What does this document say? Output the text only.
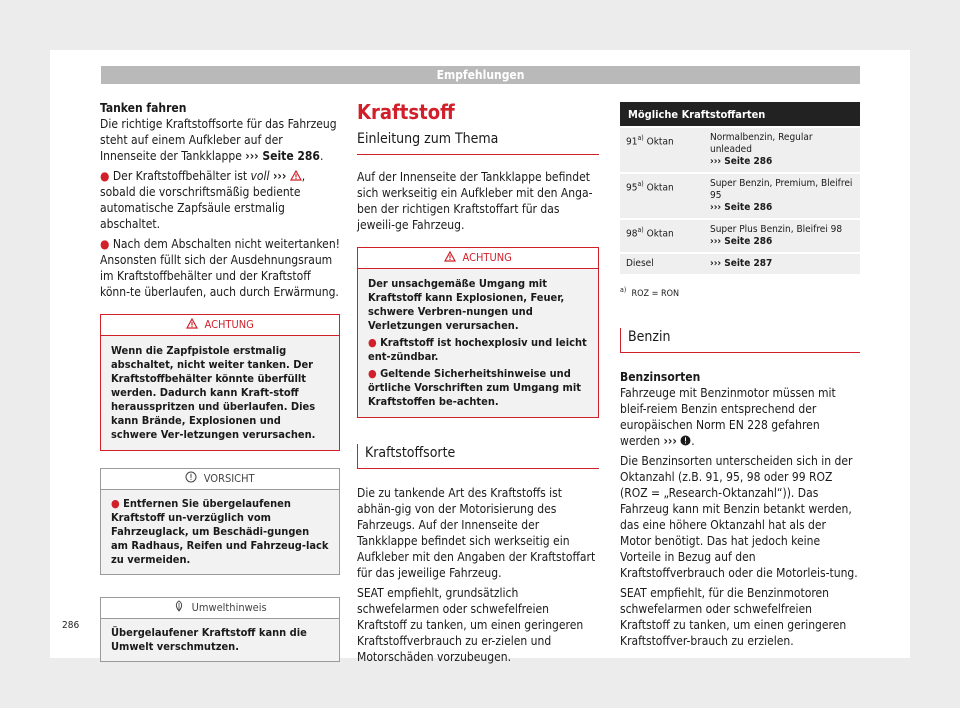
Empfehlungen

Tanken fahren

Die richtige Kraftstoffsorte für das Fahrzeug steht auf einem Aufkleber auf der Innenseite der Tankklappe ››› Seite 286.

● Der Kraftstoffbehälter ist voll ››› , sobald die vorschriftsmäßig bediente automatische Zapfsäule erstmalig abschaltet.

● Nach dem Abschalten nicht weitertanken! Ansonsten füllt sich der Ausdehnungsraum im Kraftstoffbehälter und der Kraftstoff könn-te überlaufen, auch durch Erwärmung.

ACHTUNG
Wenn die Zapfpistole erstmalig abschaltet, nicht weiter tanken. Der Kraftstoffbehälter könnte überfüllt werden. Dadurch kann Kraft-stoff herausspritzen und überlaufen. Dies kann Brände, Explosionen und schwere Ver-letzungen verursachen.
VORSICHT
● Entfernen Sie übergelaufenen Kraftstoff un-verzüglich vom Fahrzeuglack, um Beschädi-gungen am Radhaus, Reifen und Fahrzeug-lack zu vermeiden.
Umwelthinweis
Übergelaufener Kraftstoff kann die Umwelt verschmutzen.

Kraftstoff

Einleitung zum Thema

Auf der Innenseite der Tankklappe befindet sich werkseitig ein Aufkleber mit den Anga-ben der richtigen Kraftstoffart für das jeweili-ge Fahrzeug.

ACHTUNG
Der unsachgemäße Umgang mit Kraftstoff kann Explosionen, Feuer, schwere Verbren-nungen und Verletzungen verursachen.
● Kraftstoff ist hochexplosiv und leicht ent-zündbar.
● Geltende Sicherheitshinweise und örtliche Vorschriften zum Umgang mit Kraftstoffen be-achten.
Kraftstoffsorte

Die zu tankende Art des Kraftstoffs ist abhän-gig von der Motorisierung des Fahrzeugs. Auf der Innenseite der Tankklappe befindet sich werkseitig ein Aufkleber mit den Angaben der Kraftstoffart für das jeweilige Fahrzeug.

SEAT empfiehlt, grundsätzlich schwefelarmen oder schwefelfreien Kraftstoff zu tanken, um einen geringeren Kraftstoffverbrauch zu er-zielen und Motorschäden vorzubeugen.

Mögliche Kraftstoffarten	
91$^{a)}$ Oktan	Normalbenzin, Regular unleaded
››› Seite 286

95$^{a)}$ Oktan	Super Benzin, Premium, Bleifrei 95
››› Seite 286

98$^{a)}$ Oktan	Super Plus Benzin, Bleifrei 98
››› Seite 286

Diesel	››› Seite 287

$^{a)}$ ROZ = RON

Benzin

Benzinsorten

Fahrzeuge mit Benzinmotor müssen mit bleif-reiem Benzin entsprechend der europäischen Norm EN 228 gefahren werden ››› .

Die Benzinsorten unterscheiden sich in der Oktanzahl (z.B. 91, 95, 98 oder 99 ROZ (ROZ = „Research-Oktanzahl“)). Das Fahrzeug kann mit Benzin betankt werden, das eine höhere Oktanzahl hat als der Motor benötigt. Das hat jedoch keine Vorteile in Bezug auf den Kraftstoffverbrauch oder die Motorleis-tung.

SEAT empfiehlt, für die Benzinmotoren schwefelarmen oder schwefelfreien Kraftstoff zu tanken, um einen geringeren Kraftstoffver-brauch zu erzielen.

286
